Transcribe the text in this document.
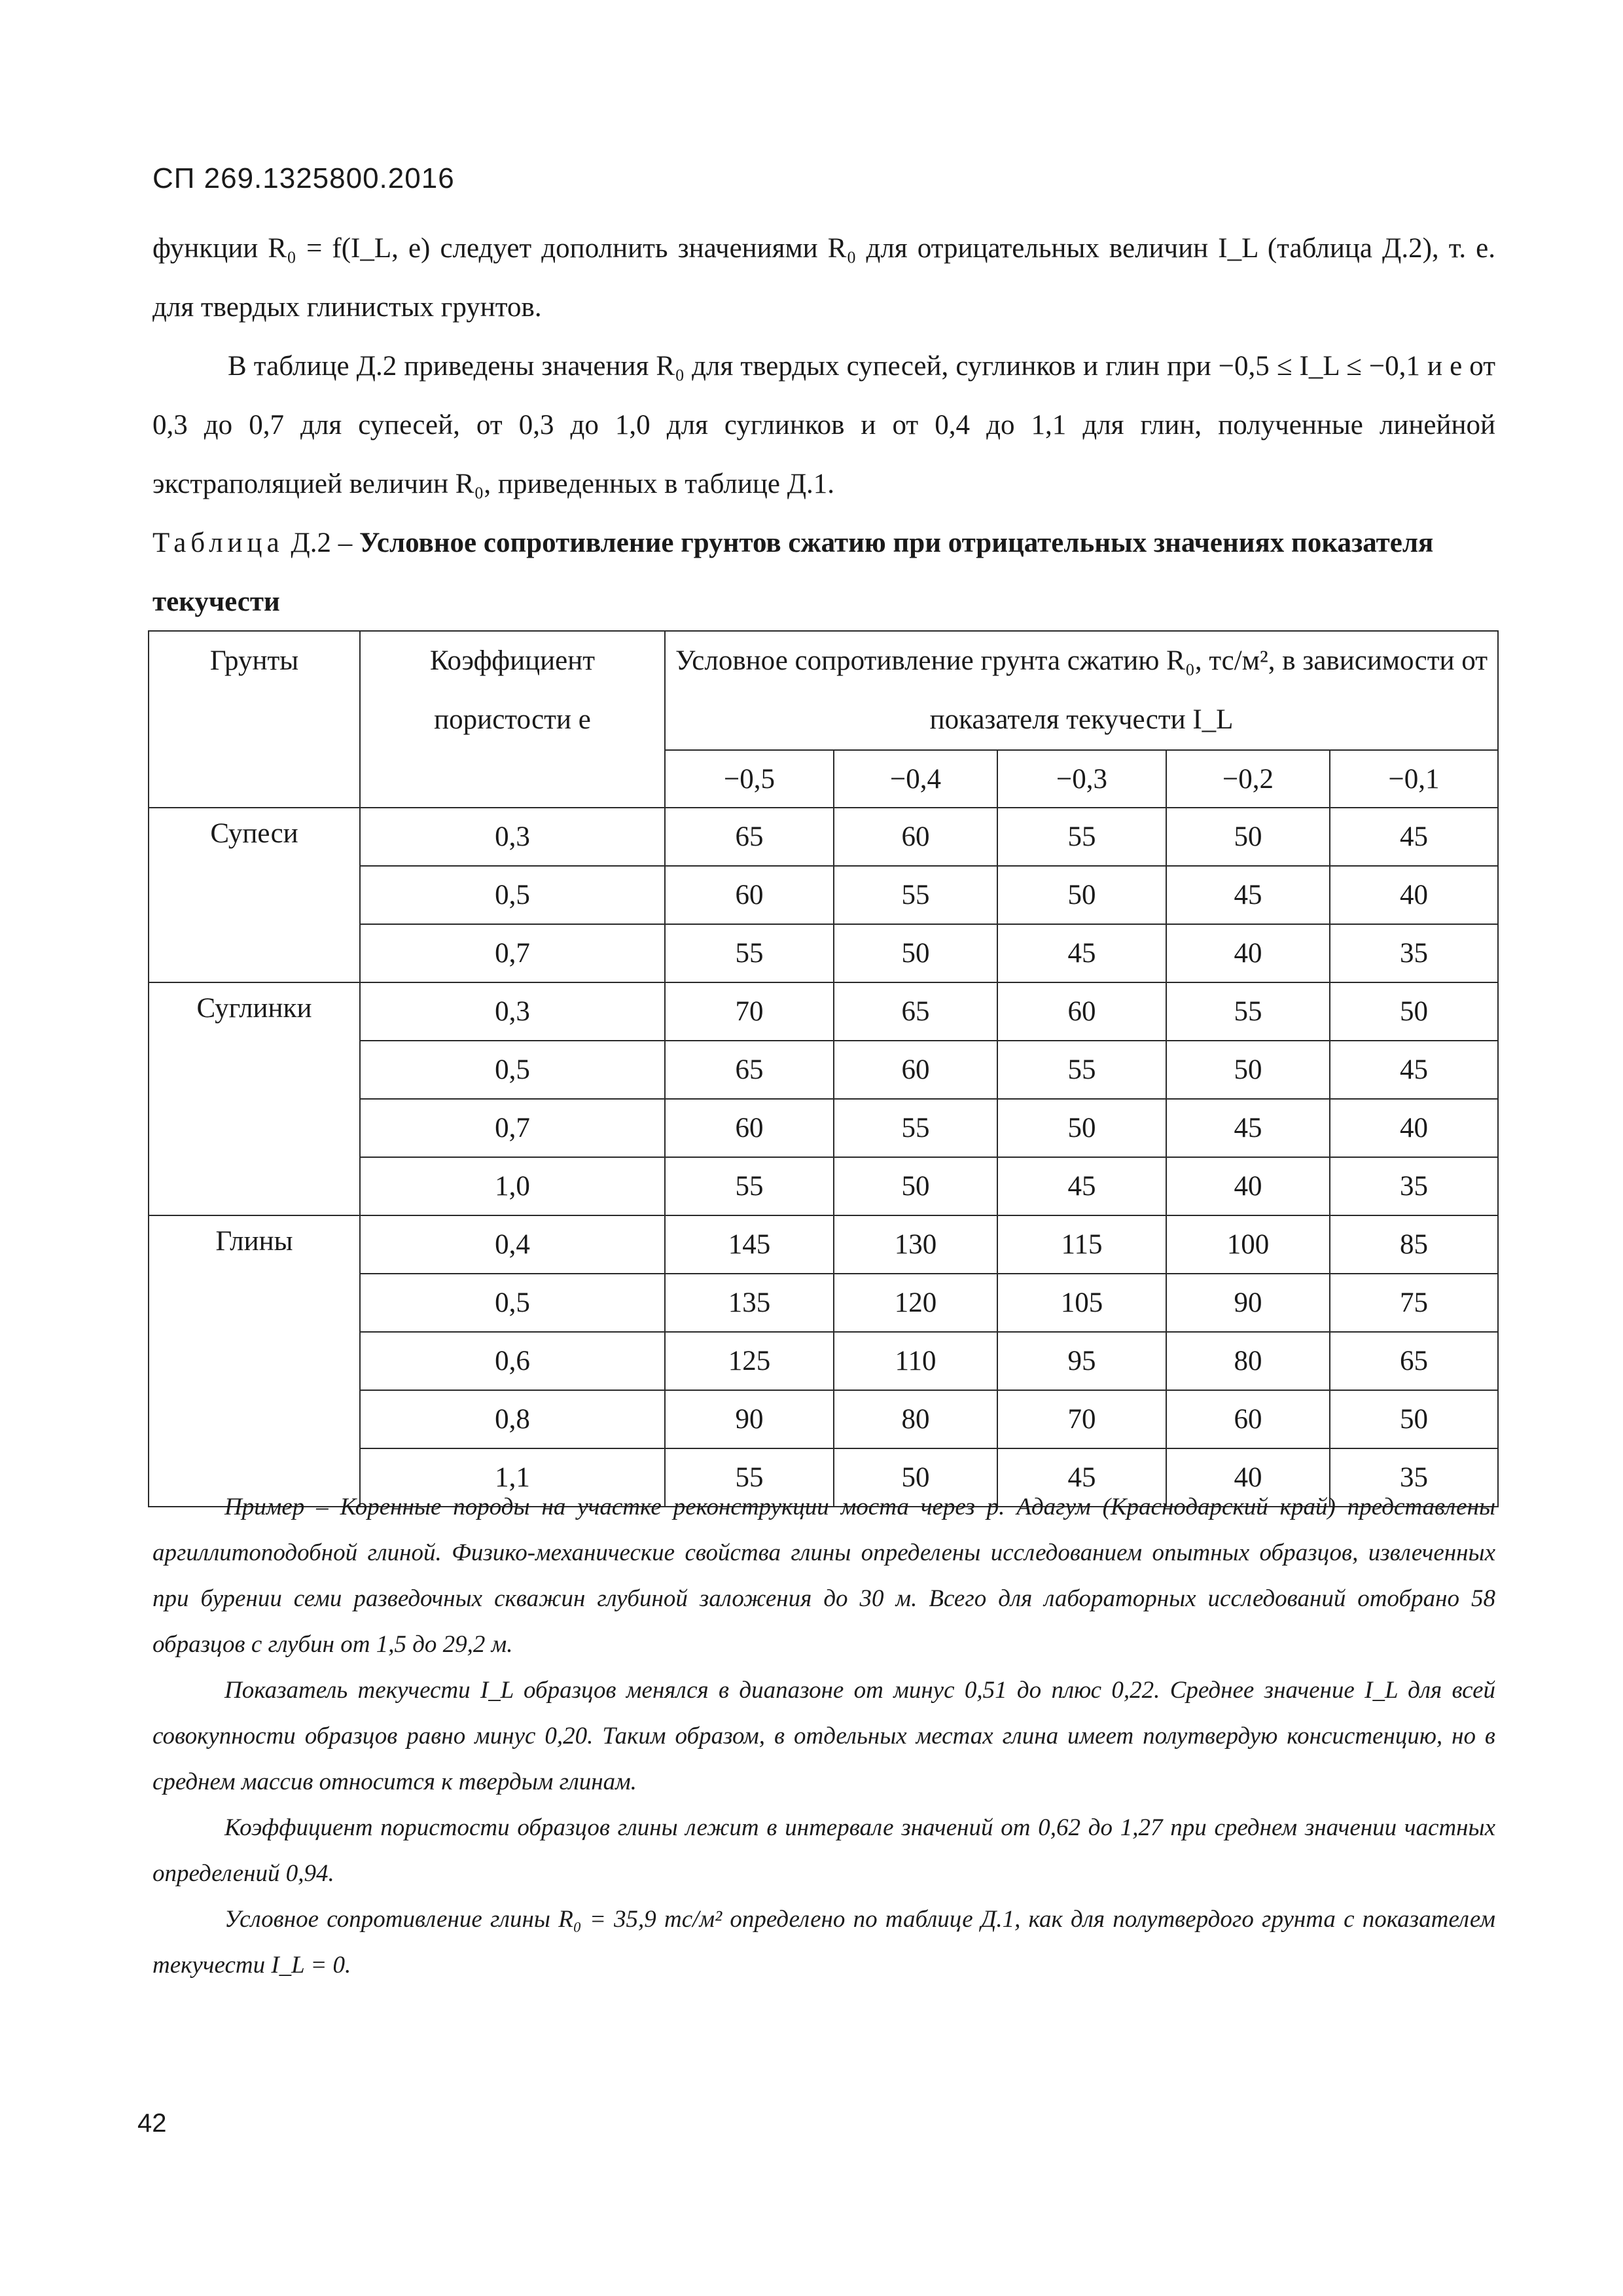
СП 269.1325800.2016
функции R₀ = f(I_L, e) следует дополнить значениями R₀ для отрицательных величин I_L (таблица Д.2), т. е. для твердых глинистых грунтов.
В таблице Д.2 приведены значения R₀ для твердых супесей, суглинков и глин при −0,5 ≤ I_L ≤ −0,1 и e от 0,3 до 0,7 для супесей, от 0,3 до 1,0 для суглинков и от 0,4 до 1,1 для глин, полученные линейной экстраполяцией величин R₀, приведенных в таблице Д.1.
Таблица Д.2 – Условное сопротивление грунтов сжатию при отрицательных значениях показателя текучести
Грунты	Коэффициент пористости e	Условное сопротивление грунта сжатию R₀, тс/м², в зависимости от показателя текучести I_L				
		−0,5	−0,4	−0,3	−0,2	−0,1
Супеси	0,3	65	60	55	50	45
	0,5	60	55	50	45	40
	0,7	55	50	45	40	35
Суглинки	0,3	70	65	60	55	50
	0,5	65	60	55	50	45
	0,7	60	55	50	45	40
	1,0	55	50	45	40	35
Глины	0,4	145	130	115	100	85
	0,5	135	120	105	90	75
	0,6	125	110	95	80	65
	0,8	90	80	70	60	50
	1,1	55	50	45	40	35
Пример – Коренные породы на участке реконструкции моста через р. Адагум (Краснодарский край) представлены аргиллитоподобной глиной. Физико-механические свойства глины определены исследованием опытных образцов, извлеченных при бурении семи разведочных скважин глубиной заложения до 30 м. Всего для лабораторных исследований отобрано 58 образцов с глубин от 1,5 до 29,2 м.
Показатель текучести I_L образцов менялся в диапазоне от минус 0,51 до плюс 0,22. Среднее значение I_L для всей совокупности образцов равно минус 0,20. Таким образом, в отдельных местах глина имеет полутвердую консистенцию, но в среднем массив относится к твердым глинам.
Коэффициент пористости образцов глины лежит в интервале значений от 0,62 до 1,27 при среднем значении частных определений 0,94.
Условное сопротивление глины R₀ = 35,9 тс/м² определено по таблице Д.1, как для полутвердого грунта с показателем текучести I_L = 0.
42
